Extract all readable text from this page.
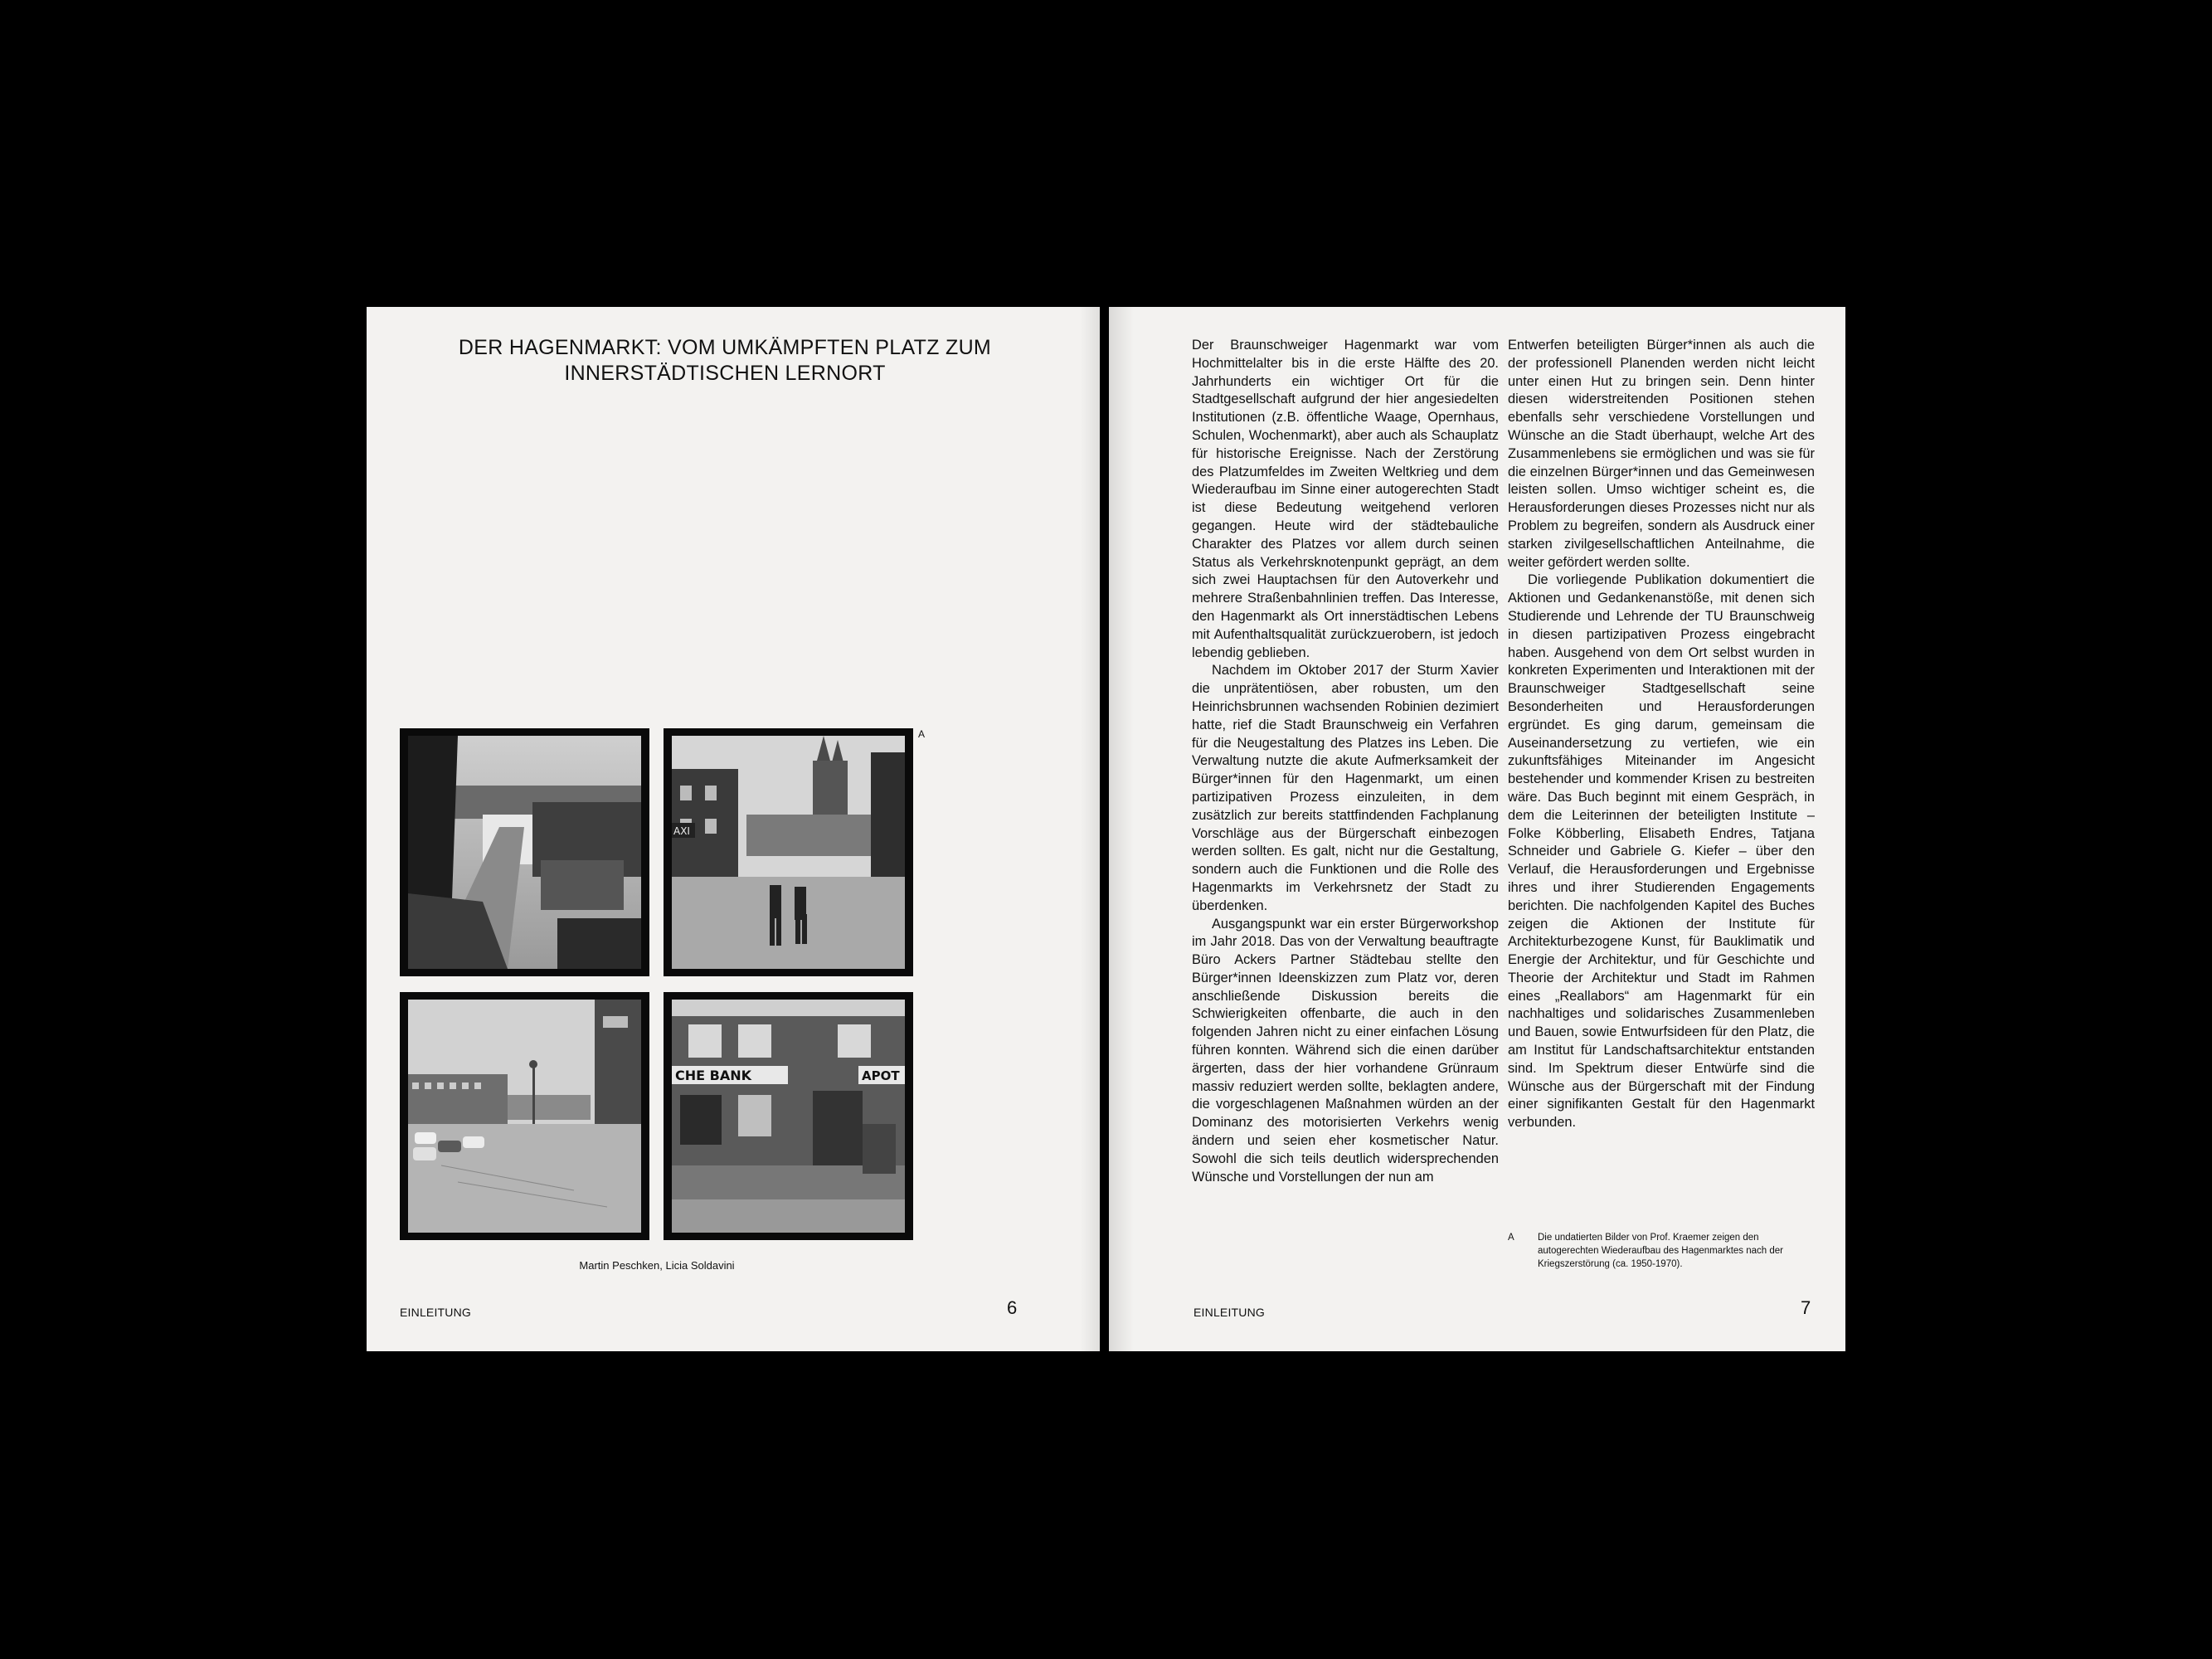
DER HAGENMARKT: VOM UMKÄMPFTEN PLATZ ZUM
INNERSTÄDTISCHEN LERNORT
AXI
CHE BANK	APOT
A
Martin Peschken, Licia Soldavini
EINLEITUNG	6

Der Braunschweiger Hagenmarkt war vom Hochmittelalter bis in die erste Hälfte des 20. Jahrhunderts ein wichtiger Ort für die Stadtgesellschaft aufgrund der hier angesiedelten Institutionen (z.B. öffentliche Waage, Opernhaus, Schulen, Wochenmarkt), aber auch als Schauplatz für historische Ereignisse. Nach der Zerstörung des Platzumfeldes im Zweiten Weltkrieg und dem Wiederaufbau im Sinne einer autogerechten Stadt ist diese Bedeutung weitgehend verloren gegangen. Heute wird der städtebauliche Charakter des Platzes vor allem durch seinen Status als Verkehrsknotenpunkt geprägt, an dem sich zwei Hauptachsen für den Autoverkehr und mehrere Straßenbahnlinien treffen. Das Interesse, den Hagenmarkt als Ort innerstädtischen Lebens mit Aufenthaltsqualität zurückzuerobern, ist jedoch lebendig geblieben.

Nachdem im Oktober 2017 der Sturm Xavier die unprätentiösen, aber robusten, um den Heinrichsbrunnen wachsenden Robinien dezimiert hatte, rief die Stadt Braunschweig ein Verfahren für die Neugestaltung des Platzes ins Leben. Die Verwaltung nutzte die akute Aufmerksamkeit der Bürger*innen für den Hagenmarkt, um einen partizipativen Prozess einzuleiten, in dem zusätzlich zur bereits stattfindenden Fachplanung Vorschläge aus der Bürgerschaft einbezogen werden sollten. Es galt, nicht nur die Gestaltung, sondern auch die Funktionen und die Rolle des Hagenmarkts im Verkehrsnetz der Stadt zu überdenken.

Ausgangspunkt war ein erster Bürgerworkshop im Jahr 2018. Das von der Verwaltung beauftragte Büro Ackers Partner Städtebau stellte den Bürger*innen Ideenskizzen zum Platz vor, deren anschließende Diskussion bereits die Schwierigkeiten offenbarte, die auch in den folgenden Jahren nicht zu einer einfachen Lösung führen konnten. Während sich die einen darüber ärgerten, dass der hier vorhandene Grünraum massiv reduziert werden sollte, beklagten andere, die vorgeschlagenen Maßnahmen würden an der Dominanz des motorisierten Verkehrs wenig ändern und seien eher kosmetischer Natur. Sowohl die sich teils deutlich widersprechenden Wünsche und Vorstellungen der nun am

Entwerfen beteiligten Bürger*innen als auch die der professionell Planenden werden nicht leicht unter einen Hut zu bringen sein. Denn hinter diesen widerstreitenden Positionen stehen ebenfalls sehr verschiedene Vorstellungen und Wünsche an die Stadt überhaupt, welche Art des Zusammenlebens sie ermöglichen und was sie für die einzelnen Bürger*innen und das Gemeinwesen leisten sollen. Umso wichtiger scheint es, die Herausforderungen dieses Prozesses nicht nur als Problem zu begreifen, sondern als Ausdruck einer starken zivilgesellschaftlichen Anteilnahme, die weiter gefördert werden sollte.

Die vorliegende Publikation dokumentiert die Aktionen und Gedankenanstöße, mit denen sich Studierende und Lehrende der TU Braunschweig in diesen partizipativen Prozess eingebracht haben. Ausgehend von dem Ort selbst wurden in konkreten Experimenten und Interaktionen mit der Braunschweiger Stadtgesellschaft seine Besonderheiten und Herausforderungen ergründet. Es ging darum, gemeinsam die Auseinandersetzung zu vertiefen, wie ein zukunftsfähiges Miteinander im Angesicht bestehender und kommender Krisen zu bestreiten wäre. Das Buch beginnt mit einem Gespräch, in dem die Leiterinnen der beteiligten Institute – Folke Köbberling, Elisabeth Endres, Tatjana Schneider und Gabriele G. Kiefer – über den Verlauf, die Herausforderungen und Ergebnisse ihres und ihrer Studierenden Engagements berichten. Die nachfolgenden Kapitel des Buches zeigen die Aktionen der Institute für Architekturbezogene Kunst, für Bauklimatik und Energie der Architektur, und für Geschichte und Theorie der Architektur und Stadt im Rahmen eines „Reallabors“ am Hagenmarkt für ein nachhaltiges und solidarisches Zusammenleben und Bauen, sowie Entwurfsideen für den Platz, die am Institut für Landschaftsarchitektur entstanden sind. Im Spektrum dieser Entwürfe sind die Wünsche aus der Bürgerschaft mit der Findung einer signifikanten Gestalt für den Hagenmarkt verbunden.

A Die undatierten Bilder von Prof. Kraemer zeigen den autogerechten Wiederaufbau des Hagenmarktes nach der Kriegszerstörung (ca. 1950-1970).
EINLEITUNG	7
